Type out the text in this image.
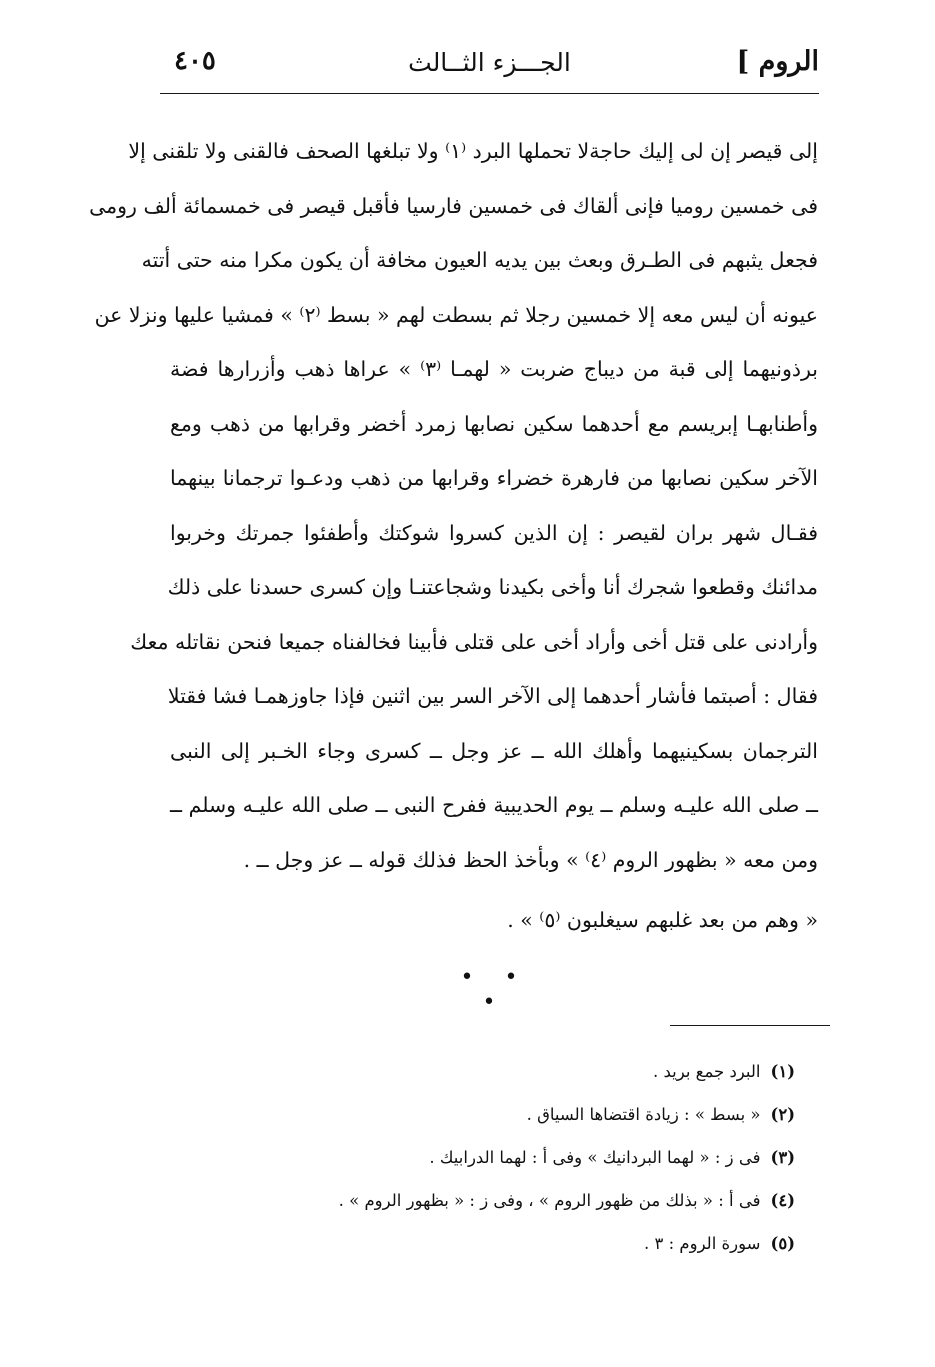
الروم ]
الجـــزء الثــالث
٤٠٥
إلى قيصر إن لى إليك حاجةلا تحملها البرد ⁽١⁾ ولا تبلغها الصحف فالقنى ولا تلقنى إلا
فى خمسين روميا فإنى ألقاك فى خمسين فارسيا فأقبل قيصر فى خمسمائة ألف رومى
فجعل يثبهم فى الطـرق وبعث بين يديه العيون مخافة أن يكون مكرا منه حتى أتته
عيونه أن ليس معه إلا خمسين رجلا ثم بسطت لهم « بسط ⁽٢⁾ » فمشيا عليها ونزلا عن
برذونيهما إلى قبة من ديباج ضربت « لهمـا ⁽٣⁾ » عراها ذهب وأزرارها فضة
وأطنابهـا إبريسم مع أحدهما سكين نصابها زمرد أخضر وقرابها من ذهب ومع
الآخر سكين نصابها من فارهرة خضراء وقرابها من ذهب ودعـوا ترجمانا بينهما
فقـال شهر بران لقيصر : إن الذين كسروا شوكتك وأطفئوا جمرتك وخربوا
مدائنك وقطعوا شجرك أنا وأخى بكيدنا وشجاعتنـا وإن كسرى حسدنا على ذلك
وأرادنى على قتل أخى وأراد أخى على قتلى فأبينا فخالفناه جميعا فنحن نقاتله معك
فقال : أصبتما فأشار أحدهما إلى الآخر السر بين اثنين فإذا جاوزهمـا فشا فقتلا
الترجمان بسكينيهما وأهلك الله ــ عز وجل ــ كسرى وجاء الخـبر إلى النبى
ــ صلى الله عليـه وسلم ــ يوم الحديبية ففرح النبى ــ صلى الله عليـه وسلم ــ
ومن معه « بظهور الروم ⁽٤⁾ » وبأخذ الحظ فذلك قوله ــ عز وجل ــ .
« وهم من بعد غلبهم سيغلبون ⁽٥⁾ » .
• • •
(١)البرد جمع بريد .
(٢)« بسط » : زيادة اقتضاها السياق .
(٣)فى ز : « لهما البردانيك » وفى أ : لهما الدرابيك .
(٤)فى أ : « بذلك من ظهور الروم » ، وفى ز : « بظهور الروم » .
(٥)سورة الروم : ٣ .
